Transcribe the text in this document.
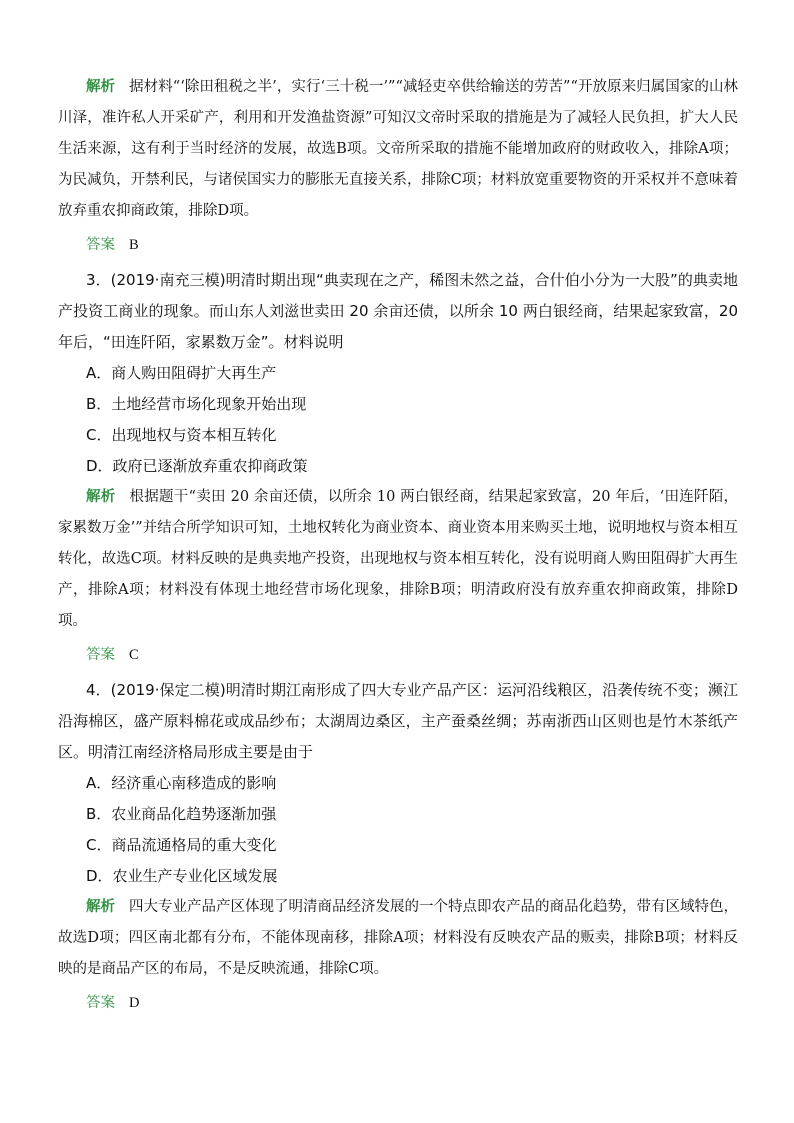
解析 据材料“‘除田租税之半’，实行‘三十税一’”“减轻吏卒供给输送的劳苦”“开放原来归属国家的山林川泽，准许私人开采矿产，利用和开发渔盐资源”可知汉文帝时采取的措施是为了减轻人民负担，扩大人民生活来源，这有利于当时经济的发展，故选B项。文帝所采取的措施不能增加政府的财政收入，排除A项；为民减负，开禁利民，与诸侯国实力的膨胀无直接关系，排除C项；材料放宽重要物资的开采权并不意味着放弃重农抑商政策，排除D项。

答案 B

3．(2019·南充三模)明清时期出现“典卖现在之产，稀图未然之益，合什伯小分为一大股”的典卖地产投资工商业的现象。而山东人刘滋世卖田 20 余亩还债，以所余 10 两白银经商，结果起家致富，20 年后，“田连阡陌，家累数万金”。材料说明

A．商人购田阻碍扩大再生产
B．土地经营市场化现象开始出现
C．出现地权与资本相互转化
D．政府已逐渐放弃重农抑商政策

解析 根据题干“卖田 20 余亩还债，以所余 10 两白银经商，结果起家致富，20 年后，‘田连阡陌，家累数万金’”并结合所学知识可知，土地权转化为商业资本、商业资本用来购买土地，说明地权与资本相互转化，故选C项。材料反映的是典卖地产投资，出现地权与资本相互转化，没有说明商人购田阻碍扩大再生产，排除A项；材料没有体现土地经营市场化现象，排除B项；明清政府没有放弃重农抑商政策，排除D项。

答案 C

4．(2019·保定二模)明清时期江南形成了四大专业产品产区：运河沿线粮区，沿袭传统不变；濒江沿海棉区，盛产原料棉花或成品纱布；太湖周边桑区，主产蚕桑丝绸；苏南浙西山区则也是竹木茶纸产区。明清江南经济格局形成主要是由于

A．经济重心南移造成的影响
B．农业商品化趋势逐渐加强
C．商品流通格局的重大变化
D．农业生产专业化区域发展

解析 四大专业产品产区体现了明清商品经济发展的一个特点即农产品的商品化趋势，带有区域特色，故选D项；四区南北都有分布，不能体现南移，排除A项；材料没有反映农产品的贩卖，排除B项；材料反映的是商品产区的布局，不是反映流通，排除C项。

答案 D
